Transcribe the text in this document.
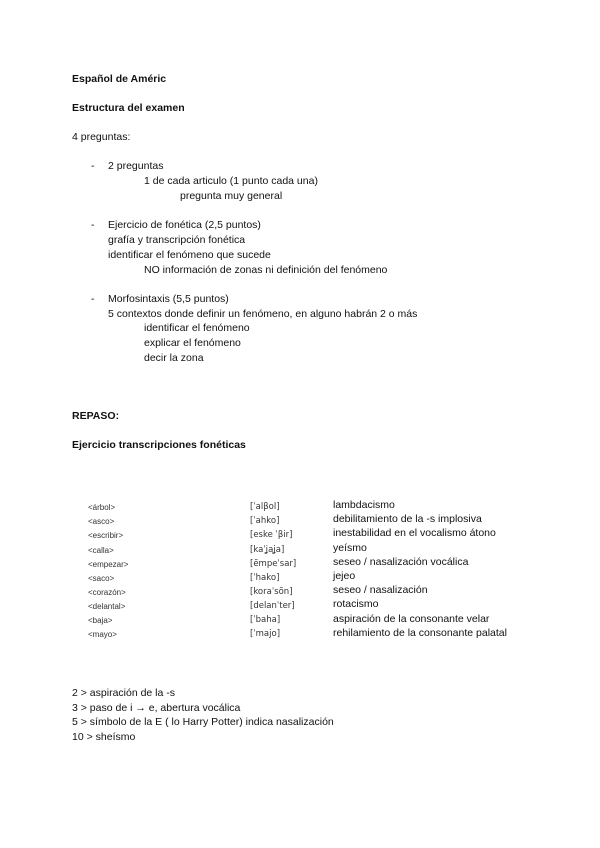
Español de Améric
Estructura del examen
4 preguntas:
- 2 preguntas
1 de cada articulo (1 punto cada una)
pregunta muy general
- Ejercicio de fonética (2,5 puntos)
grafía y transcripción fonética
identificar el fenómeno que sucede
NO información de zonas ni definición del fenómeno
- Morfosintaxis (5,5 puntos)
5 contextos donde definir un fenómeno, en alguno habrán 2 o más
identificar el fenómeno
explicar el fenómeno
decir la zona
REPASO:
Ejercicio transcripciones fonéticas
<árbol>	[ˈalβol]	lambdacismo
<asco>	[ˈahko]	debilitamiento de la -s implosiva
<escribir>	[eske ˈβir]	inestabilidad en el vocalismo átono
<calla>	[kaˈʝaʝa]	yeísmo
<empezar>	[ẽmpeˈsar]	seseo / nasalización vocálica
<saco>	[ˈhako]	jejeo
<corazón>	[koraˈsõn]	seseo / nasalización
<delantal>	[delanˈter]	rotacismo
<baja>	[ˈbaha]	aspiración de la consonante velar
<mayo>	[ˈmajo]	rehilamiento de la consonante palatal
2 > aspiración de la -s
3 > paso de i → e, abertura vocálica
5 > símbolo de la E ( lo Harry Potter) indica nasalización
10 > sheísmo
